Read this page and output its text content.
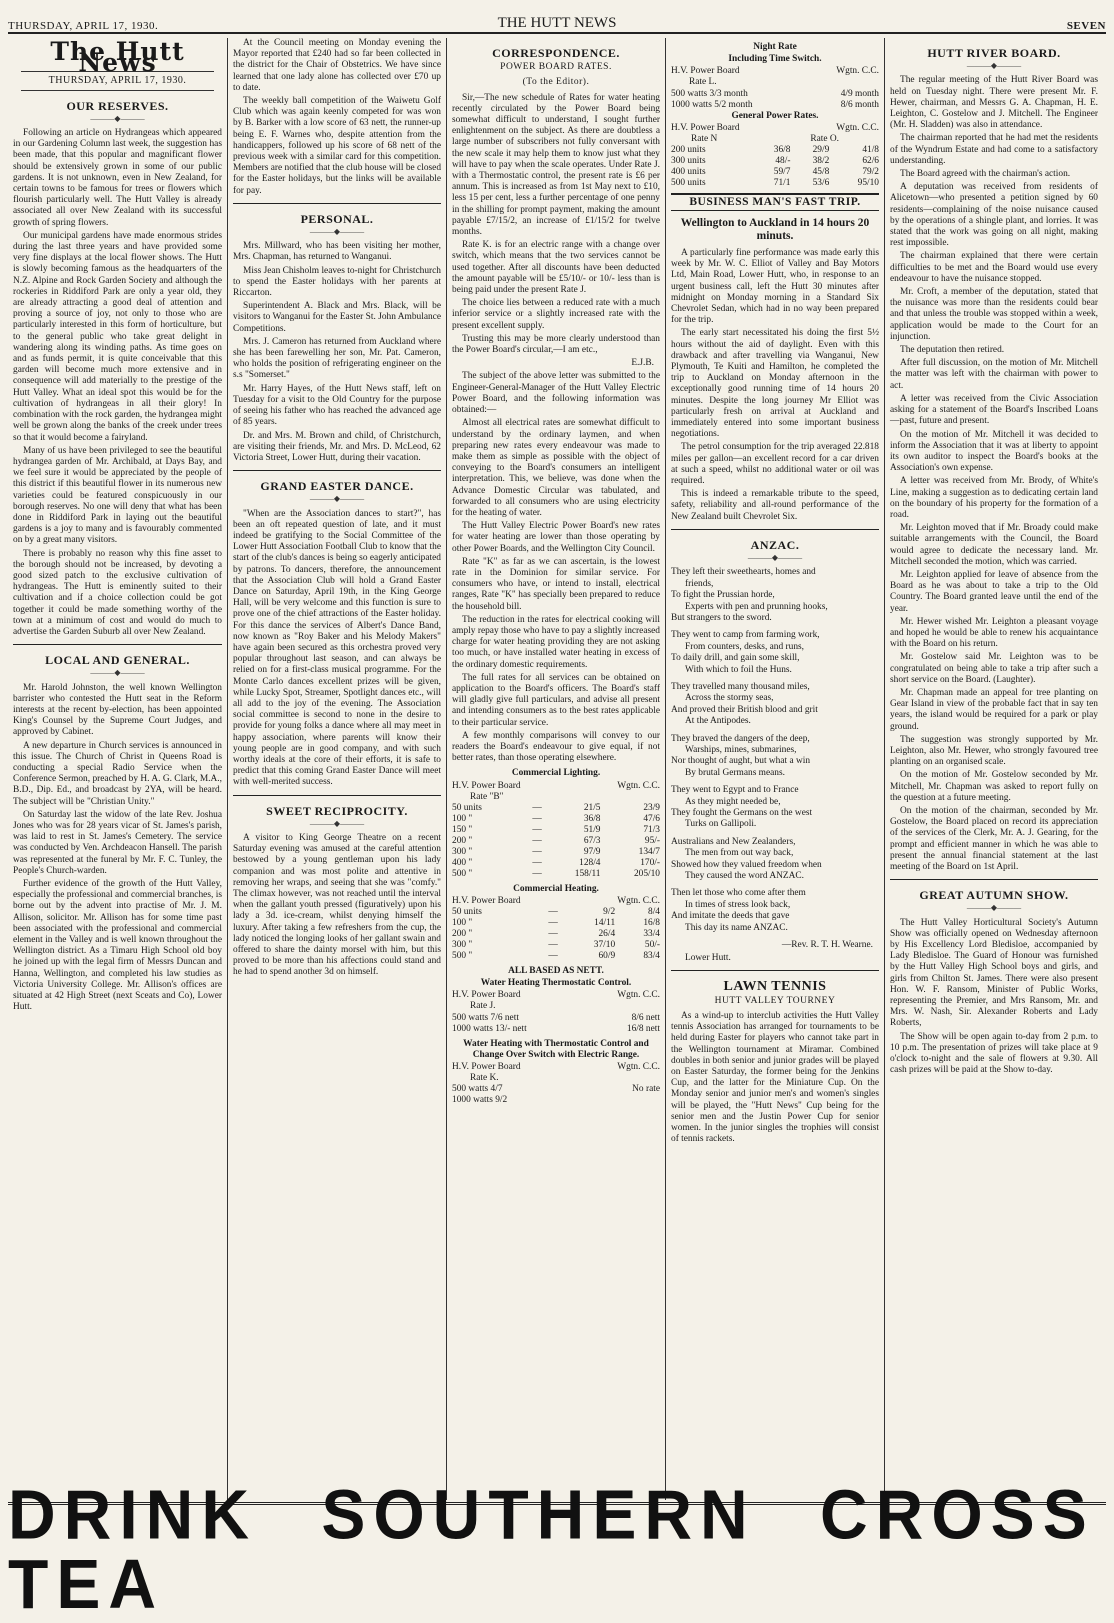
THURSDAY, APRIL 17, 1930.	THE HUTT NEWS	SEVEN
The Hutt News
THURSDAY, APRIL 17, 1930.
OUR RESERVES.
———◆———

Following an article on Hydrangeas which appeared in our Gardening Column last week, the suggestion has been made, that this popular and magnificant flower should be extensively grown in some of our public gardens. It is not unknown, even in New Zealand, for certain towns to be famous for trees or flowers which flourish particularly well. The Hutt Valley is already associated all over New Zealand with its successful growth of spring flowers.

Our municipal gardens have made enormous strides during the last three years and have provided some very fine displays at the local flower shows. The Hutt is slowly becoming famous as the headquarters of the N.Z. Alpine and Rock Garden Society and although the rockeries in Riddiford Park are only a year old, they are already attracting a good deal of attention and proving a source of joy, not only to those who are particularly interested in this form of horticulture, but to the general public who take great delight in wandering along its winding paths. As time goes on and as funds permit, it is quite conceivable that this garden will become much more extensive and in consequence will add materially to the prestige of the Hutt Valley. What an ideal spot this would be for the cultivation of hydrangeas in all their glory! In combination with the rock garden, the hydrangea might well be grown along the banks of the creek under trees so that it would become a fairyland.

Many of us have been privileged to see the beautiful hydrangea garden of Mr. Archibald, at Days Bay, and we feel sure it would be appreciated by the people of this district if this beautiful flower in its numerous new varieties could be featured conspicuously in our borough reserves. No one will deny that what has been done in Riddiford Park in laying out the beautiful gardens is a joy to many and is favourably commented on by a great many visitors.

There is probably no reason why this fine asset to the borough should not be increased, by devoting a good sized patch to the exclusive cultivation of hydrangeas. The Hutt is eminently suited to their cultivation and if a choice collection could be got together it could be made something worthy of the town at a minimum of cost and would do much to advertise the Garden Suburb all over New Zealand.

LOCAL AND GENERAL.
———◆———

Mr. Harold Johnston, the well known Wellington barrister who contested the Hutt seat in the Reform interests at the recent by-election, has been appointed King's Counsel by the Supreme Court Judges, and approved by Cabinet.

A new departure in Church services is announced in this issue. The Church of Christ in Queens Road is conducting a special Radio Service when the Conference Sermon, preached by H. A. G. Clark, M.A., B.D., Dip. Ed., and broadcast by 2YA, will be heard. The subject will be "Christian Unity."

On Saturday last the widow of the late Rev. Joshua Jones who was for 28 years vicar of St. James's parish, was laid to rest in St. James's Cemetery. The service was conducted by Ven. Archdeacon Hansell. The parish was represented at the funeral by Mr. F. C. Tunley, the People's Church-warden.

Further evidence of the growth of the Hutt Valley, especially the professional and commercial branches, is borne out by the advent into practise of Mr. J. M. Allison, solicitor. Mr. Allison has for some time past been associated with the professional and commercial element in the Valley and is well known throughout the Wellington district. As a Timaru High School old boy he joined up with the legal firm of Messrs Duncan and Hanna, Wellington, and completed his law studies as Victoria University College. Mr. Allison's offices are situated at 42 High Street (next Sceats and Co), Lower Hutt.

At the Council meeting on Monday evening the Mayor reported that £240 had so far been collected in the district for the Chair of Obstetrics. We have since learned that one lady alone has collected over £70 up to date.

The weekly ball competition of the Waiwetu Golf Club which was again keenly competed for was won by B. Barker with a low score of 63 nett, the runner-up being E. F. Warnes who, despite attention from the handicappers, followed up his score of 68 nett of the previous week with a similar card for this competition. Members are notified that the club house will be closed for the Easter holidays, but the links will be available for pay.

PERSONAL.
———◆———

Mrs. Millward, who has been visiting her mother, Mrs. Chapman, has returned to Wanganui.

Miss Jean Chisholm leaves to-night for Christchurch to spend the Easter holidays with her parents at Riccarton.

Superintendent A. Black and Mrs. Black, will be visitors to Wanganui for the Easter St. John Ambulance Competitions.

Mrs. J. Cameron has returned from Auckland where she has been farewelling her son, Mr. Pat. Cameron, who holds the position of refrigerating engineer on the s.s "Somerset."

Mr. Harry Hayes, of the Hutt News staff, left on Tuesday for a visit to the Old Country for the purpose of seeing his father who has reached the advanced age of 85 years.

Dr. and Mrs. M. Brown and child, of Christchurch, are visiting their friends, Mr. and Mrs. D. McLeod, 62 Victoria Street, Lower Hutt, during their vacation.

GRAND EASTER DANCE.
———◆———

"When are the Association dances to start?", has been an oft repeated question of late, and it must indeed be gratifying to the Social Committee of the Lower Hutt Association Football Club to know that the start of the club's dances is being so eagerly anticipated by patrons. To dancers, therefore, the announcement that the Association Club will hold a Grand Easter Dance on Saturday, April 19th, in the King George Hall, will be very welcome and this function is sure to prove one of the chief attractions of the Easter holiday. For this dance the services of Albert's Dance Band, now known as "Roy Baker and his Melody Makers" have again been secured as this orchestra proved very popular throughout last season, and can always be relied on for a first-class musical programme. For the Monte Carlo dances excellent prizes will be given, while Lucky Spot, Streamer, Spotlight dances etc., will all add to the joy of the evening. The Association social committee is second to none in the desire to provide for young folks a dance where all may meet in happy association, where parents will know their young people are in good company, and with such worthy ideals at the core of their efforts, it is safe to predict that this coming Grand Easter Dance will meet with well-merited success.

SWEET RECIPROCITY.
———◆———

A visitor to King George Theatre on a recent Saturday evening was amused at the careful attention bestowed by a young gentleman upon his lady companion and was most polite and attentive in removing her wraps, and seeing that she was "comfy." The climax however, was not reached until the interval when the gallant youth pressed (figuratively) upon his lady a 3d. ice-cream, whilst denying himself the luxury. After taking a few refreshers from the cup, the lady noticed the longing looks of her gallant swain and offered to share the dainty morsel with him, but this proved to be more than his affections could stand and he had to spend another 3d on himself.

CORRESPONDENCE.
POWER BOARD RATES.
(To the Editor).

Sir,—The new schedule of Rates for water heating recently circulated by the Power Board being somewhat difficult to understand, I sought further enlightenment on the subject. As there are doubtless a large number of subscribers not fully conversant with the new scale it may help them to know just what they will have to pay when the scale operates. Under Rate J. with a Thermostatic control, the present rate is £6 per annum. This is increased as from 1st May next to £10, less 15 per cent, less a further percentage of one penny in the shilling for prompt payment, making the amount payable £7/15/2, an increase of £1/15/2 for twelve months.

Rate K. is for an electric range with a change over switch, which means that the two services cannot be used together. After all discounts have been deducted the amount payable will be £5/10/- or 10/- less than is being paid under the present Rate J.

The choice lies between a reduced rate with a much inferior service or a slightly increased rate with the present excellent supply.

Trusting this may be more clearly understood than the Power Board's circular,—I am etc.,

E.J.B.

The subject of the above letter was submitted to the Engineer-General-Manager of the Hutt Valley Electric Power Board, and the following information was obtained:—

Almost all electrical rates are somewhat difficult to understand by the ordinary laymen, and when preparing new rates every endeavour was made to make them as simple as possible with the object of conveying to the Board's consumers an intelligent interpretation. This, we believe, was done when the Advance Domestic Circular was tabulated, and forwarded to all consumers who are using electricity for the heating of water.

The Hutt Valley Electric Power Board's new rates for water heating are lower than those operating by other Power Boards, and the Wellington City Council.

Rate "K" as far as we can ascertain, is the lowest rate in the Dominion for similar service. For consumers who have, or intend to install, electrical ranges, Rate "K" has specially been prepared to reduce the household bill.

The reduction in the rates for electrical cooking will amply repay those who have to pay a slightly increased charge for water heating providing they are not asking too much, or have installed water heating in excess of the ordinary domestic requirements.

The full rates for all services can be obtained on application to the Board's officers. The Board's staff will gladly give full particulars, and advise all present and intending consumers as to the best rates applicable to their particular service.

A few monthly comparisons will convey to our readers the Board's endeavour to give equal, if not better rates, than those operating elsewhere.

Commercial Lighting.
H.V. Power Board	Wgtn. C.C.
Rate "B"
50 units	—	21/5	23/9
100 "	—	36/8	47/6
150 "	—	51/9	71/3
200 "	—	67/3	95/-
300 "	—	97/9	134/7
400 "	—	128/4	170/-
500 "	—	158/11	205/10
Commercial Heating.
H.V. Power Board	Wgtn. C.C.
50 units	—	9/2	8/4
100 "	—	14/11	16/8
200 "	—	26/4	33/4
300 "	—	37/10	50/-
500 "	—	60/9	83/4
ALL BASED AS NETT.
Water Heating Thermostatic Control.
H.V. Power Board	Wgtn. C.C.
Rate J.
500 watts 7/6 nett	8/6 nett
1000 watts 13/- nett	16/8 nett
Water Heating with Thermostatic Control and Change Over Switch with Electric Range.
H.V. Power Board	Wgtn. C.C.
Rate K.
500 watts 4/7	No rate
1000 watts 9/2
Night Rate
Including Time Switch.
H.V. Power Board	Wgtn. C.C.
Rate L.
500 watts 3/3 month	4/9 month
1000 watts 5/2 month	8/6 month
General Power Rates.
H.V. Power Board	Wgtn. C.C.
Rate N	Rate O.
200 units	36/8	29/9	41/8
300 units	48/-	38/2	62/6
400 units	59/7	45/8	79/2
500 units	71/1	53/6	95/10
BUSINESS MAN'S FAST TRIP.
Wellington to Auckland in 14 hours 20 minuts.

A particularly fine performance was made early this week by Mr. W. C. Elliot of Valley and Bay Motors Ltd, Main Road, Lower Hutt, who, in response to an urgent business call, left the Hutt 30 minutes after midnight on Monday morning in a Standard Six Chevrolet Sedan, which had in no way been prepared for the trip.

The early start necessitated his doing the first 5½ hours without the aid of daylight. Even with this drawback and after travelling via Wanganui, New Plymouth, Te Kuiti and Hamilton, he completed the trip to Auckland on Monday afternoon in the exceptionally good running time of 14 hours 20 minutes. Despite the long journey Mr Elliot was particularly fresh on arrival at Auckland and immediately entered into some important business negotiations.

The petrol consumption for the trip averaged 22.818 miles per gallon—an excellent record for a car driven at such a speed, whilst no additional water or oil was required.

This is indeed a remarkable tribute to the speed, safety, reliability and all-round performance of the New Zealand built Chevrolet Six.

ANZAC.
———◆———
They left their sweethearts, homes and
friends,
To fight the Prussian horde,
Experts with pen and prunning hooks,
But strangers to the sword.
They went to camp from farming work,
From counters, desks, and runs,
To daily drill, and gain some skill,
With which to foil the Huns.
They travelled many thousand miles,
Across the stormy seas,
And proved their British blood and grit
At the Antipodes.
They braved the dangers of the deep,
Warships, mines, submarines,
Nor thought of aught, but what a win
By brutal Germans means.
They went to Egypt and to France
As they might needed be,
They fought the Germans on the west
Turks on Gallipoli.
Australians and New Zealanders,
The men from out way back,
Showed how they valued freedom when
They caused the word ANZAC.
Then let those who come after them
In times of stress look back,
And imitate the deeds that gave
This day its name ANZAC.
—Rev. R. T. H. Wearne.
Lower Hutt.
LAWN TENNIS
HUTT VALLEY TOURNEY

As a wind-up to interclub activities the Hutt Valley tennis Association has arranged for tournaments to be held during Easter for players who cannot take part in the Wellington tournament at Miramar. Combined doubles in both senior and junior grades will be played on Easter Saturday, the former being for the Jenkins Cup, and the latter for the Miniature Cup. On the Monday senior and junior men's and women's singles will be played, the "Hutt News" Cup being for the senior men and the Justin Power Cup for senior women. In the junior singles the trophies will consist of tennis rackets.

HUTT RIVER BOARD.
———◆———

The regular meeting of the Hutt River Board was held on Tuesday night. There were present Mr. F. Hewer, chairman, and Messrs G. A. Chapman, H. E. Leighton, C. Gostelow and J. Mitchell. The Engineer (Mr. H. Sladden) was also in attendance.

The chairman reported that he had met the residents of the Wyndrum Estate and had come to a satisfactory understanding.

The Board agreed with the chairman's action.

A deputation was received from residents of Alicetown—who presented a petition signed by 60 residents—complaining of the noise nuisance caused by the operations of a shingle plant, and lorries. It was stated that the work was going on all night, making rest impossible.

The chairman explained that there were certain difficulties to be met and the Board would use every endeavour to have the nuisance stopped.

Mr. Croft, a member of the deputation, stated that the nuisance was more than the residents could bear and that unless the trouble was stopped within a week, application would be made to the Court for an injunction.

The deputation then retired.

After full discussion, on the motion of Mr. Mitchell the matter was left with the chairman with power to act.

A letter was received from the Civic Association asking for a statement of the Board's Inscribed Loans—past, future and present.

On the motion of Mr. Mitchell it was decided to inform the Association that it was at liberty to appoint its own auditor to inspect the Board's books at the Association's own expense.

A letter was received from Mr. Brody, of White's Line, making a suggestion as to dedicating certain land on the boundary of his property for the formation of a road.

Mr. Leighton moved that if Mr. Broady could make suitable arrangements with the Council, the Board would agree to dedicate the necessary land. Mr. Mitchell seconded the motion, which was carried.

Mr. Leighton applied for leave of absence from the Board as he was about to take a trip to the Old Country. The Board granted leave until the end of the year.

Mr. Hewer wished Mr. Leighton a pleasant voyage and hoped he would be able to renew his acquaintance with the Board on his return.

Mr. Gostelow said Mr. Leighton was to be congratulated on being able to take a trip after such a short service on the Board. (Laughter).

Mr. Chapman made an appeal for tree planting on Gear Island in view of the probable fact that in say ten years, the island would be required for a park or play ground.

The suggestion was strongly supported by Mr. Leighton, also Mr. Hewer, who strongly favoured tree planting on an organised scale.

On the motion of Mr. Gostelow seconded by Mr. Mitchell, Mr. Chapman was asked to report fully on the question at a future meeting.

On the motion of the chairman, seconded by Mr. Gostelow, the Board placed on record its appreciation of the services of the Clerk, Mr. A. J. Gearing, for the prompt and efficient manner in which he was able to present the annual financial statement at the last meeting of the Board on 1st April.

GREAT AUTUMN SHOW.
———◆———

The Hutt Valley Horticultural Society's Autumn Show was officially opened on Wednesday afternoon by His Excellency Lord Bledisloe, accompanied by Lady Bledisloe. The Guard of Honour was furnished by the Hutt Valley High School boys and girls, and girls from Chilton St. James. There were also present Hon. W. F. Ransom, Minister of Public Works, representing the Premier, and Mrs Ransom, Mr. and Mrs. W. Nash, Sir. Alexander Roberts and Lady Roberts,

The Show will be open again to-day from 2 p.m. to 10 p.m. The presentation of prizes will take place at 9 o'clock to-night and the sale of flowers at 9.30. All cash prizes will be paid at the Show to-day.

DRINK SOUTHERN CROSS TEA
